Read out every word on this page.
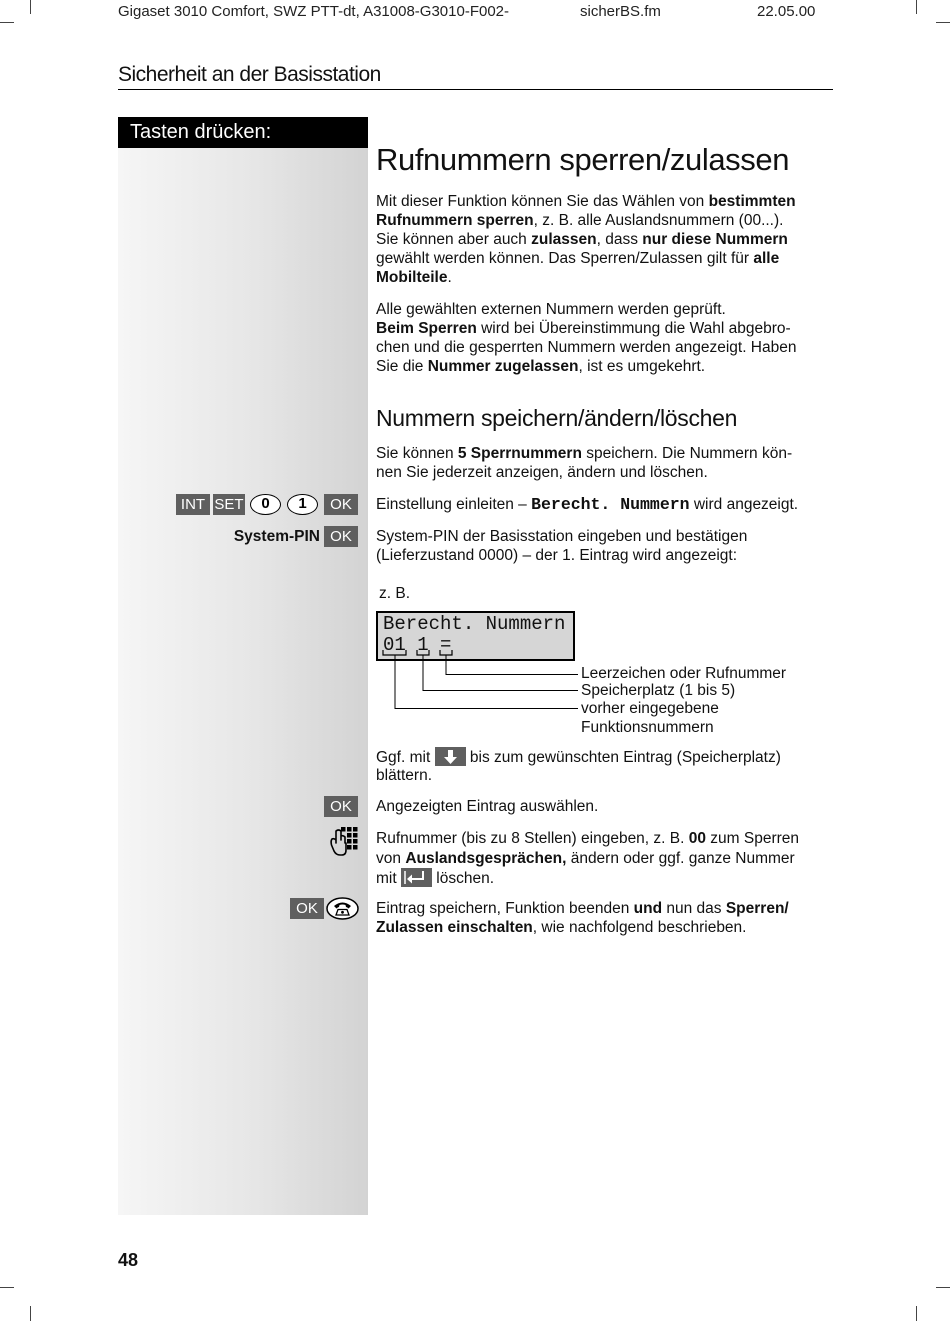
Gigaset 3010 Comfort, SWZ PTT-dt, A31008-G3010-F002-	sicherBS.fm	22.05.00
Sicherheit an der Basisstation
Tasten drücken:
Rufnummern sperren/zulassen
Mit dieser Funktion können Sie das Wählen von bestimmten
Rufnummern sperren, z. B. alle Auslandsnummern (00...).
Sie können aber auch zulassen, dass nur diese Nummern
gewählt werden können. Das Sperren/Zulassen gilt für alle
Mobilteile.
Alle gewählten externen Nummern werden geprüft.
Beim Sperren wird bei Übereinstimmung die Wahl abgebro-
chen und die gesperrten Nummern werden angezeigt. Haben
Sie die Nummer zugelassen, ist es umgekehrt.
Nummern speichern/ändern/löschen
Sie können 5 Sperrnummern speichern. Die Nummern kön-
nen Sie jederzeit anzeigen, ändern und löschen.
INT SET	0	1	OK	Einstellung einleiten – Berecht. Nummern wird angezeigt.
System-PIN OK	System-PIN der Basisstation eingeben und bestätigen
(Lieferzustand 0000) – der 1. Eintrag wird angezeigt:
z. B.
Berecht. Nummern
01 1 =
Leerzeichen oder Rufnummer
Speicherplatz (1 bis 5)
vorher eingegebene
Funktionsnummern
Ggf. mit
bis zum gewünschten Eintrag (Speicherplatz)
blättern.
OK	Angezeigten Eintrag auswählen.
Rufnummer (bis zu 8 Stellen) eingeben, z. B. 00 zum Sperren
von Auslandsgesprächen, ändern oder ggf. ganze Nummer
mit
löschen.
OK	Eintrag speichern, Funktion beenden und nun das Sperren/
Zulassen einschalten, wie nachfolgend beschrieben.
48
